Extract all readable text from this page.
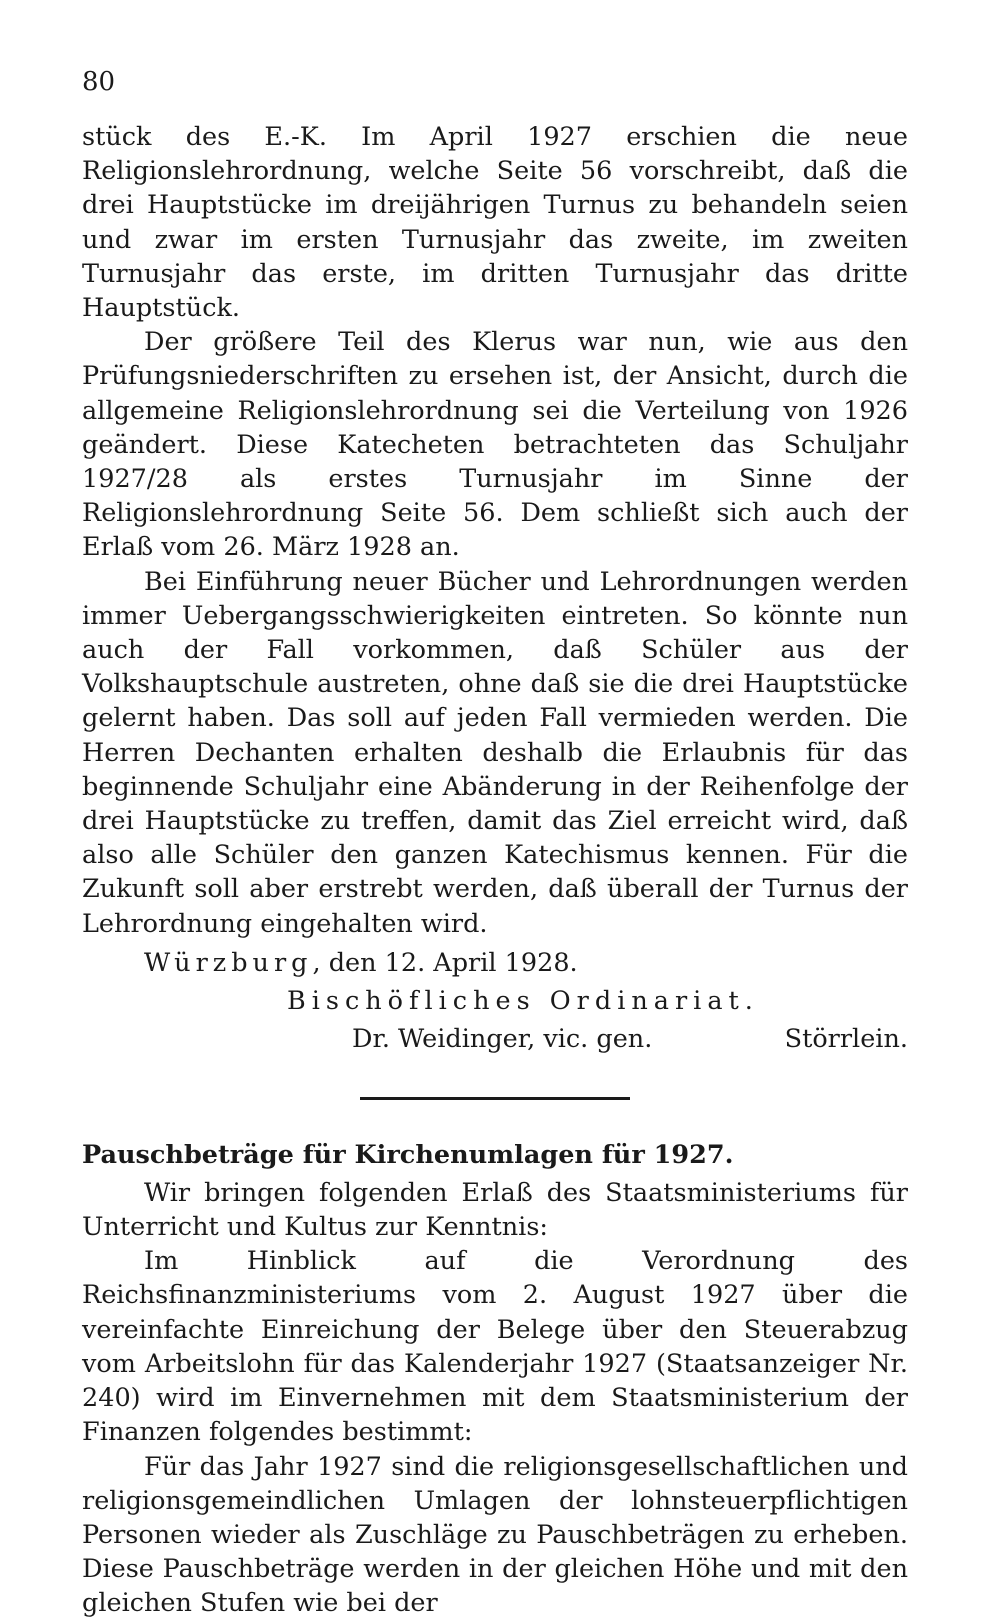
80

stück des E.-K. Im April 1927 erschien die neue Religionslehrordnung, welche Seite 56 vorschreibt, daß die drei Hauptstücke im dreijährigen Turnus zu behandeln seien und zwar im ersten Turnusjahr das zweite, im zweiten Turnusjahr das erste, im dritten Turnusjahr das dritte Hauptstück.

Der größere Teil des Klerus war nun, wie aus den Prüfungsniederschriften zu ersehen ist, der Ansicht, durch die allgemeine Religionslehrordnung sei die Verteilung von 1926 geändert. Diese Katecheten betrachteten das Schuljahr 1927/28 als erstes Turnusjahr im Sinne der Religionslehrordnung Seite 56. Dem schließt sich auch der Erlaß vom 26. März 1928 an.

Bei Einführung neuer Bücher und Lehrordnungen werden immer Uebergangsschwierigkeiten eintreten. So könnte nun auch der Fall vorkommen, daß Schüler aus der Volkshauptschule austreten, ohne daß sie die drei Hauptstücke gelernt haben. Das soll auf jeden Fall vermieden werden. Die Herren Dechanten erhalten deshalb die Erlaubnis für das beginnende Schuljahr eine Abänderung in der Reihenfolge der drei Hauptstücke zu treffen, damit das Ziel erreicht wird, daß also alle Schüler den ganzen Katechismus kennen. Für die Zukunft soll aber erstrebt werden, daß überall der Turnus der Lehrordnung eingehalten wird.

Würzburg, den 12. April 1928.
Bischöfliches Ordinariat.
Dr. Weidinger, vic. gen.	Störrlein.
Pauschbeträge für Kirchenumlagen für 1927.

Wir bringen folgenden Erlaß des Staatsministeriums für Unterricht und Kultus zur Kenntnis:

Im Hinblick auf die Verordnung des Reichsfinanzministeriums vom 2. August 1927 über die vereinfachte Einreichung der Belege über den Steuerabzug vom Arbeitslohn für das Kalenderjahr 1927 (Staatsanzeiger Nr. 240) wird im Einvernehmen mit dem Staatsministerium der Finanzen folgendes bestimmt:

Für das Jahr 1927 sind die religionsgesellschaftlichen und religionsgemeindlichen Umlagen der lohnsteuerpflichtigen Personen wieder als Zuschläge zu Pauschbeträgen zu erheben. Diese Pauschbeträge werden in der gleichen Höhe und mit den gleichen Stufen wie bei der
